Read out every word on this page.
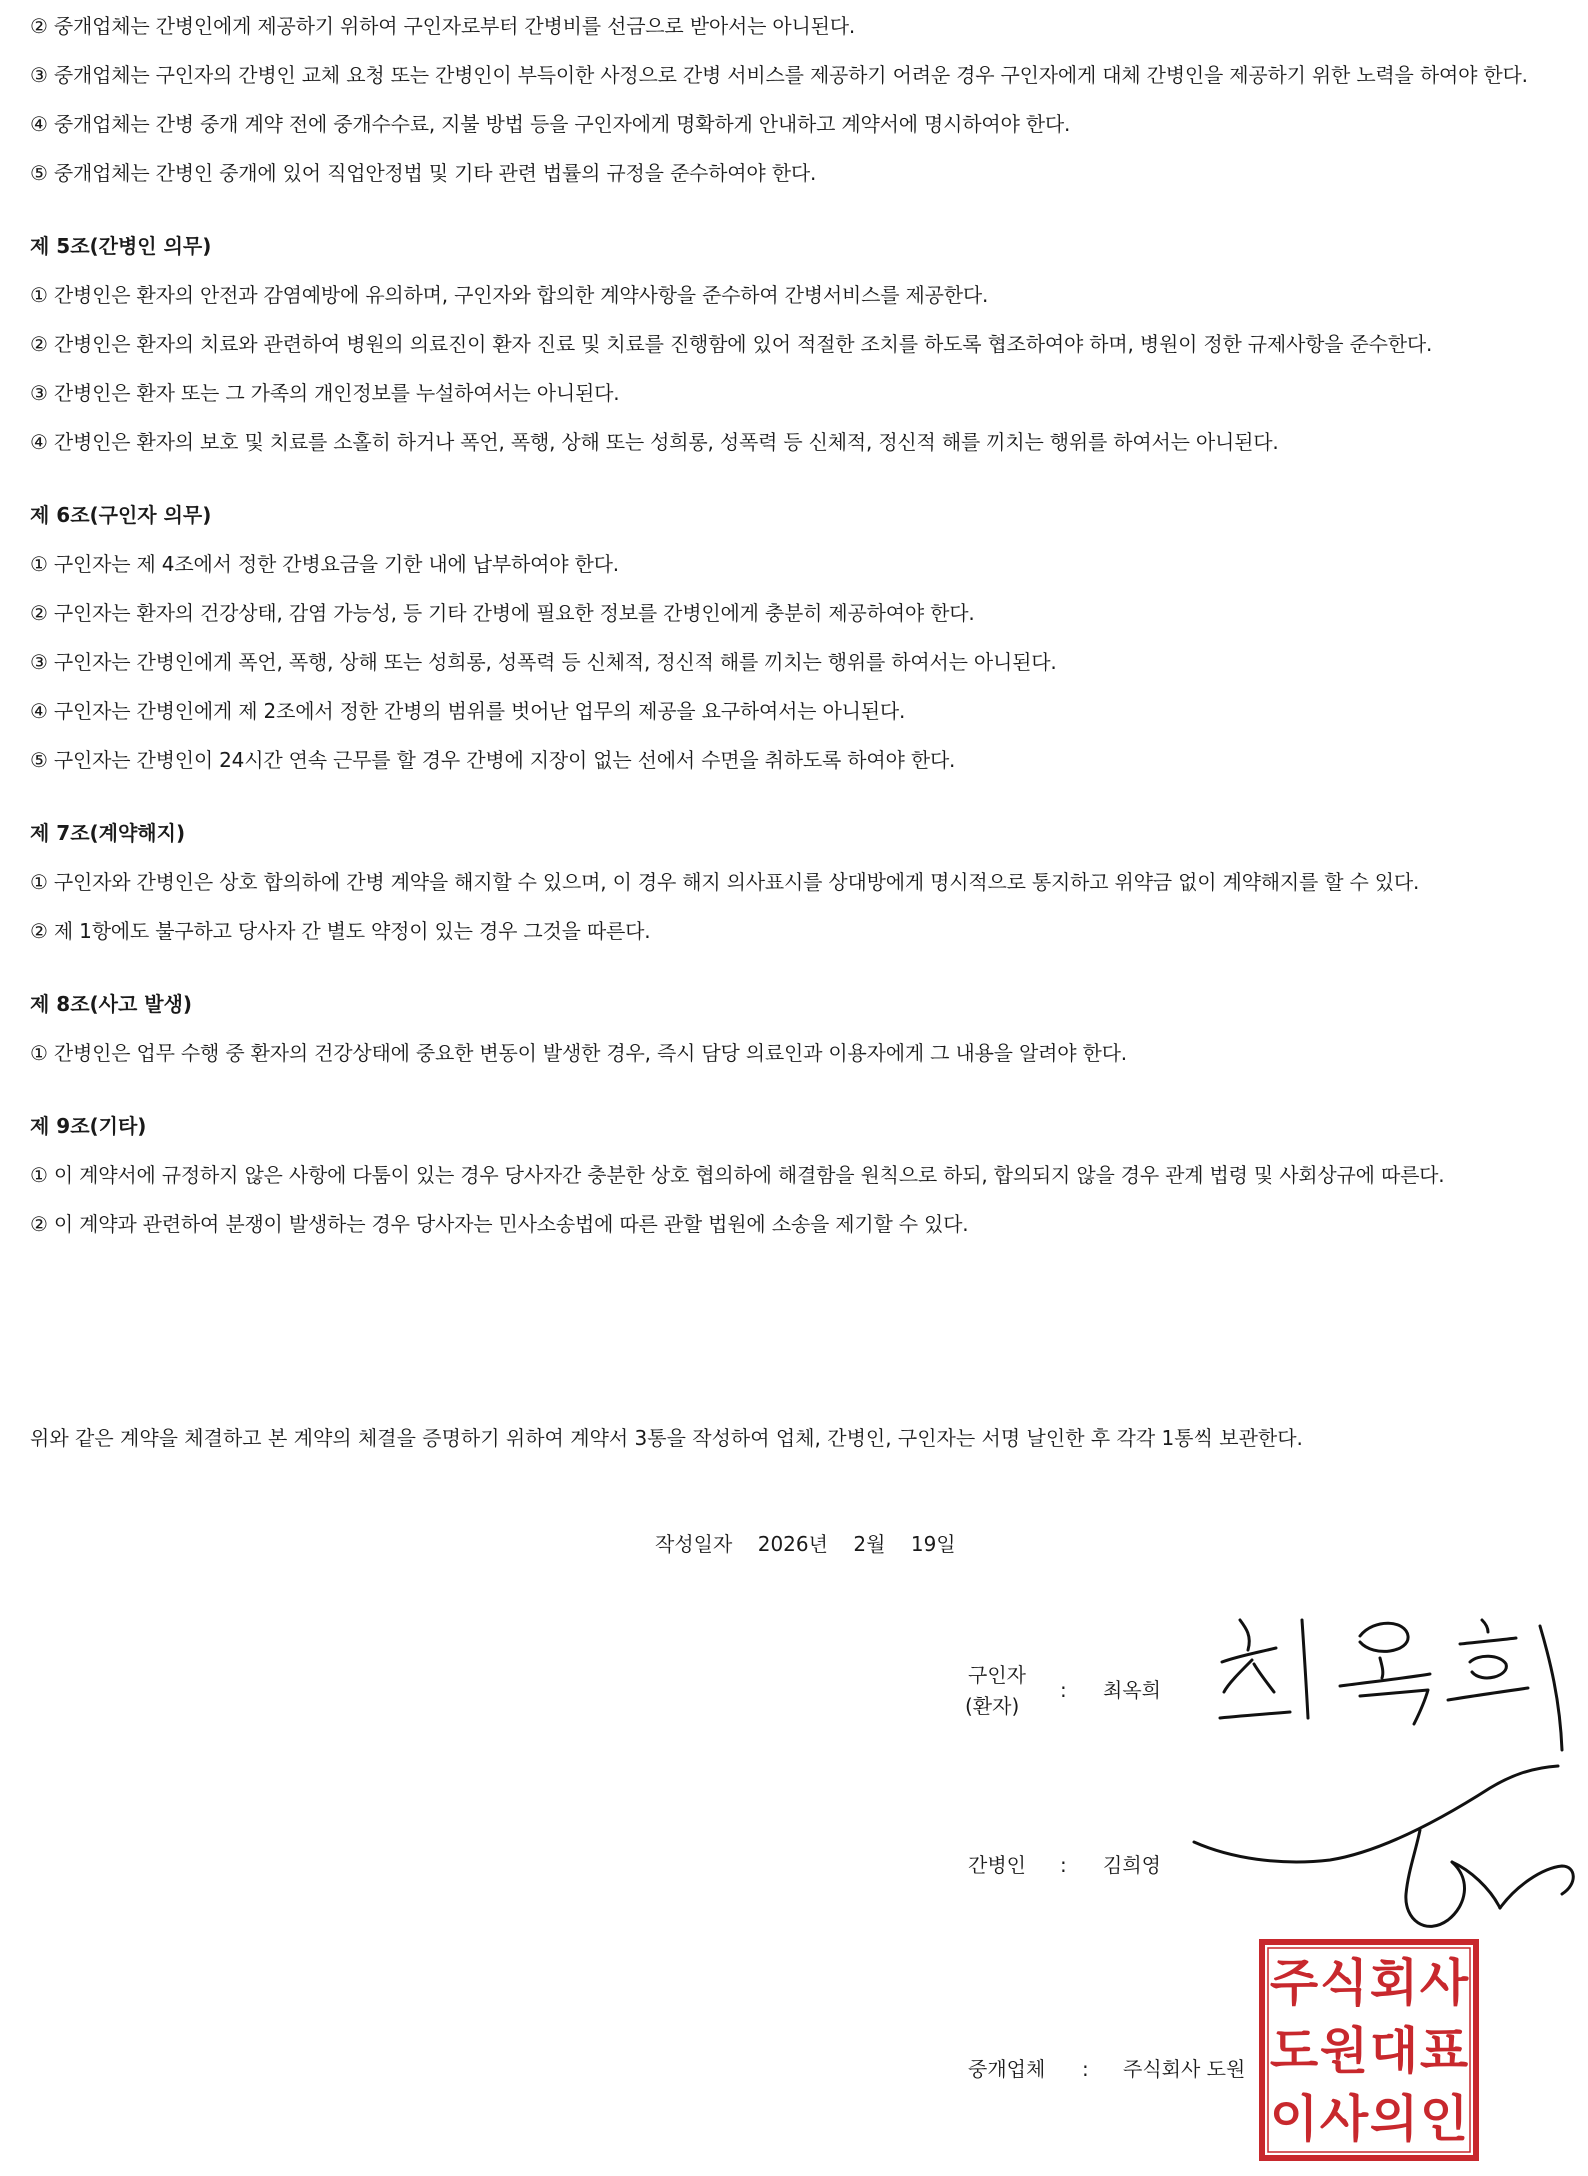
② 중개업체는 간병인에게 제공하기 위하여 구인자로부터 간병비를 선금으로 받아서는 아니된다.

③ 중개업체는 구인자의 간병인 교체 요청 또는 간병인이 부득이한 사정으로 간병 서비스를 제공하기 어려운 경우 구인자에게 대체 간병인을 제공하기 위한 노력을 하여야 한다.

④ 중개업체는 간병 중개 계약 전에 중개수수료, 지불 방법 등을 구인자에게 명확하게 안내하고 계약서에 명시하여야 한다.

⑤ 중개업체는 간병인 중개에 있어 직업안정법 및 기타 관련 법률의 규정을 준수하여야 한다.

제 5조(간병인 의무)

① 간병인은 환자의 안전과 감염예방에 유의하며, 구인자와 합의한 계약사항을 준수하여 간병서비스를 제공한다.

② 간병인은 환자의 치료와 관련하여 병원의 의료진이 환자 진료 및 치료를 진행함에 있어 적절한 조치를 하도록 협조하여야 하며, 병원이 정한 규제사항을 준수한다.

③ 간병인은 환자 또는 그 가족의 개인정보를 누설하여서는 아니된다.

④ 간병인은 환자의 보호 및 치료를 소홀히 하거나 폭언, 폭행, 상해 또는 성희롱, 성폭력 등 신체적, 정신적 해를 끼치는 행위를 하여서는 아니된다.

제 6조(구인자 의무)

① 구인자는 제 4조에서 정한 간병요금을 기한 내에 납부하여야 한다.

② 구인자는 환자의 건강상태, 감염 가능성, 등 기타 간병에 필요한 정보를 간병인에게 충분히 제공하여야 한다.

③ 구인자는 간병인에게 폭언, 폭행, 상해 또는 성희롱, 성폭력 등 신체적, 정신적 해를 끼치는 행위를 하여서는 아니된다.

④ 구인자는 간병인에게 제 2조에서 정한 간병의 범위를 벗어난 업무의 제공을 요구하여서는 아니된다.

⑤ 구인자는 간병인이 24시간 연속 근무를 할 경우 간병에 지장이 없는 선에서 수면을 취하도록 하여야 한다.

제 7조(계약해지)

① 구인자와 간병인은 상호 합의하에 간병 계약을 해지할 수 있으며, 이 경우 해지 의사표시를 상대방에게 명시적으로 통지하고 위약금 없이 계약해지를 할 수 있다.

② 제 1항에도 불구하고 당사자 간 별도 약정이 있는 경우 그것을 따른다.

제 8조(사고 발생)

① 간병인은 업무 수행 중 환자의 건강상태에 중요한 변동이 발생한 경우, 즉시 담당 의료인과 이용자에게 그 내용을 알려야 한다.

제 9조(기타)

① 이 계약서에 규정하지 않은 사항에 다툼이 있는 경우 당사자간 충분한 상호 협의하에 해결함을 원칙으로 하되, 합의되지 않을 경우 관계 법령 및 사회상규에 따른다.

② 이 계약과 관련하여 분쟁이 발생하는 경우 당사자는 민사소송법에 따른 관할 법원에 소송을 제기할 수 있다.

위와 같은 계약을 체결하고 본 계약의 체결을 증명하기 위하여 계약서 3통을 작성하여 업체, 간병인, 구인자는 서명 날인한 후 각각 1통씩 보관한다.
작성일자 2026년 2월 19일
구인자
(환자)
: 최옥희
간병인 : 김희영
중개업체 : 주식회사 도원
주 식 회 사
도 원 대 표
이 사 의 인
